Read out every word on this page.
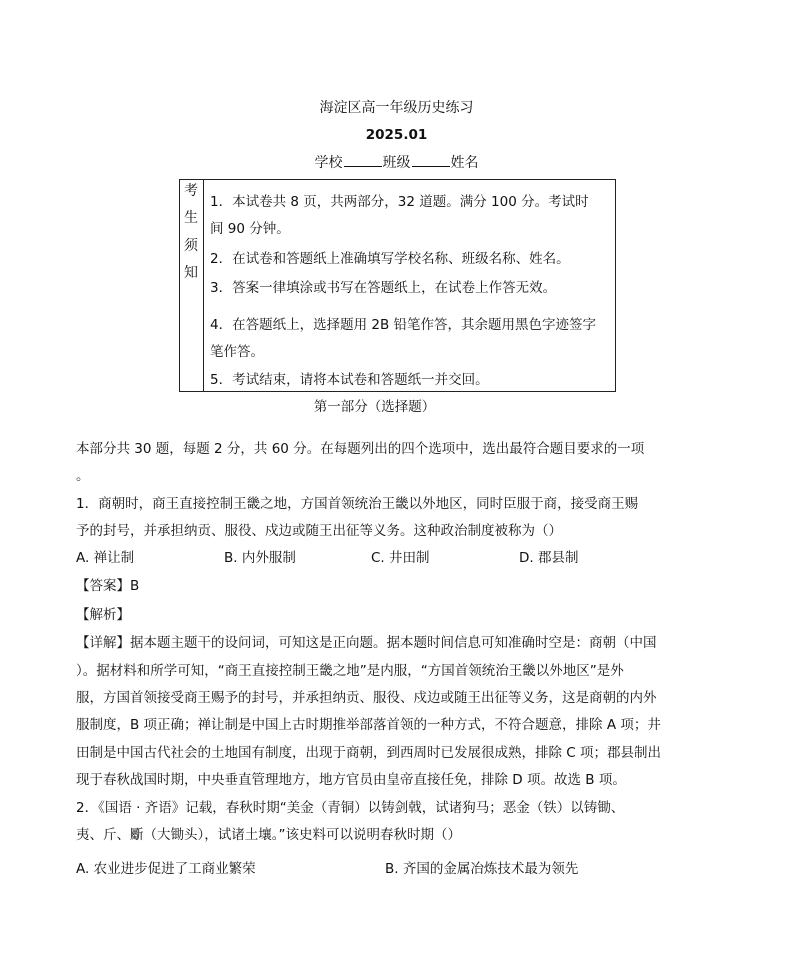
海淀区高一年级历史练习
2025.01
学校	班级	姓名
考
生
须
知
1．本试卷共 8 页，共两部分，32 道题。满分 100 分。考试时
间 90 分钟。
2．在试卷和答题纸上准确填写学校名称、班级名称、姓名。
3．答案一律填涂或书写在答题纸上，在试卷上作答无效。
4．在答题纸上，选择题用 2B 铅笔作答，其余题用黑色字迹签字
笔作答。
5．考试结束，请将本试卷和答题纸一并交回。
第一部分（选择题）
本部分共 30 题，每题 2 分，共 60 分。在每题列出的四个选项中，选出最符合题目要求的一项
。
1．商朝时，商王直接控制王畿之地，方国首领统治王畿以外地区，同时臣服于商，接受商王赐
予的封号，并承担纳贡、服役、戍边或随王出征等义务。这种政治制度被称为（）
A. 禅让制	B. 内外服制	C. 井田制	D. 郡县制
【答案】B
【解析】
【详解】据本题主题干的设问词，可知这是正向题。据本题时间信息可知准确时空是：商朝（中国
）。据材料和所学可知，“商王直接控制王畿之地”是内服，“方国首领统治王畿以外地区”是外
服，方国首领接受商王赐予的封号，并承担纳贡、服役、戍边或随王出征等义务，这是商朝的内外
服制度，B 项正确；禅让制是中国上古时期推举部落首领的一种方式，不符合题意，排除 A 项；井
田制是中国古代社会的土地国有制度，出现于商朝，到西周时已发展很成熟，排除 C 项；郡县制出
现于春秋战国时期，中央垂直管理地方，地方官员由皇帝直接任免，排除 D 项。故选 B 项。
2．《国语 · 齐语》记载，春秋时期“美金（青铜）以铸剑戟，试诸狗马；恶金（铁）以铸锄、
夷、斤、斸（大锄头），试诸土壤。”该史料可以说明春秋时期（）
A. 农业进步促进了工商业繁荣	B. 齐国的金属冶炼技术最为领先
